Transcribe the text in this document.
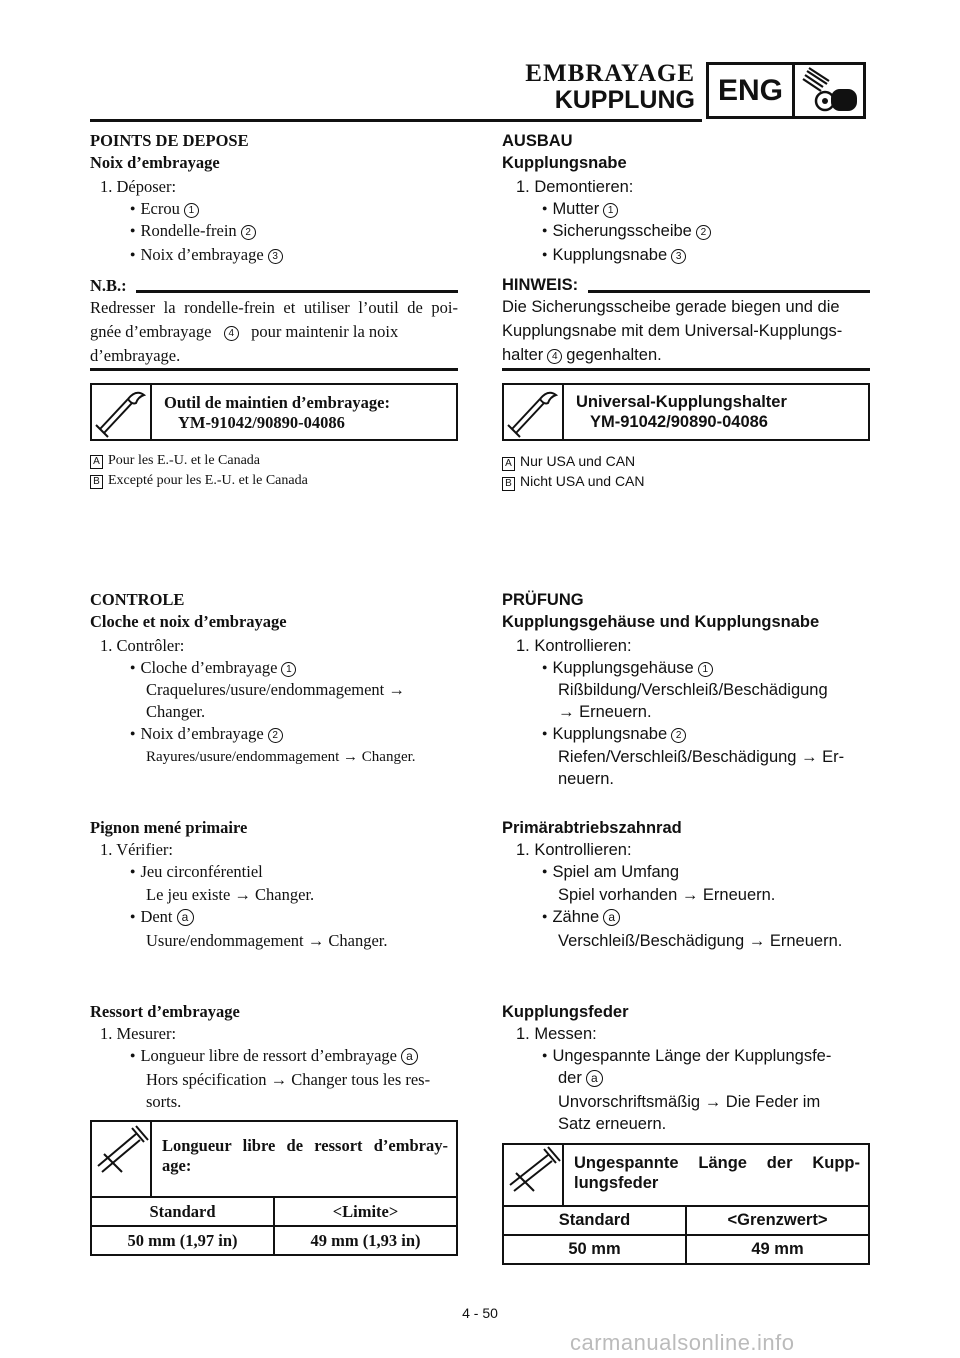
EMBRAYAGE
KUPPLUNG ENG
POINTS DE DEPOSE
Noix d’embrayage
1. Déposer:
● Ecrou 1
● Rondelle-frein 2
● Noix d’embrayage 3
N.B.:
Redresser la rondelle-frein et utiliser l’outil de poi-
gnée d’embrayage 4 pour maintenir la noix
d’embrayage.
Outil de maintien d’embrayage:
YM-91042/90890-04086
A Pour les E.-U. et le Canada
B Excepté pour les E.-U. et le Canada
CONTROLE
Cloche et noix d’embrayage
1. Contrôler:
● Cloche d’embrayage 1
Craquelures/usure/endommagement →
Changer.
● Noix d’embrayage 2
Rayures/usure/endommagement → Changer.
Pignon mené primaire
1. Vérifier:
● Jeu circonférentiel
Le jeu existe → Changer.
● Dent a
Usure/endommagement → Changer.
Ressort d’embrayage
1. Mesurer:
● Longueur libre de ressort d’embrayage a
Hors spécification → Changer tous les res-
sorts.
Longueur libre de ressort d’embray-age:
Standard	<Limite>
50 mm (1,97 in)	49 mm (1,93 in)
AUSBAU
Kupplungsnabe
1. Demontieren:
● Mutter 1
● Sicherungsscheibe 2
● Kupplungsnabe 3
HINWEIS:
Die Sicherungsscheibe gerade biegen und die
Kupplungsnabe mit dem Universal-Kupplungs-
halter 4 gegenhalten.
Universal-Kupplungshalter
YM-91042/90890-04086
A Nur USA und CAN
B Nicht USA und CAN
PRÜFUNG
Kupplungsgehäuse und Kupplungsnabe
1. Kontrollieren:
● Kupplungsgehäuse 1
Rißbildung/Verschleiß/Beschädigung
→ Erneuern.
● Kupplungsnabe 2
Riefen/Verschleiß/Beschädigung → Er-
neuern.
Primärabtriebszahnrad
1. Kontrollieren:
● Spiel am Umfang
Spiel vorhanden → Erneuern.
● Zähne a
Verschleiß/Beschädigung → Erneuern.
Kupplungsfeder
1. Messen:
● Ungespannte Länge der Kupplungsfe-
der a
Unvorschriftsmäßig → Die Feder im
Satz erneuern.
Ungespannte Länge der Kupp-lungsfeder
Standard	<Grenzwert>
50 mm	49 mm
4 - 50
carmanualsonline.info
